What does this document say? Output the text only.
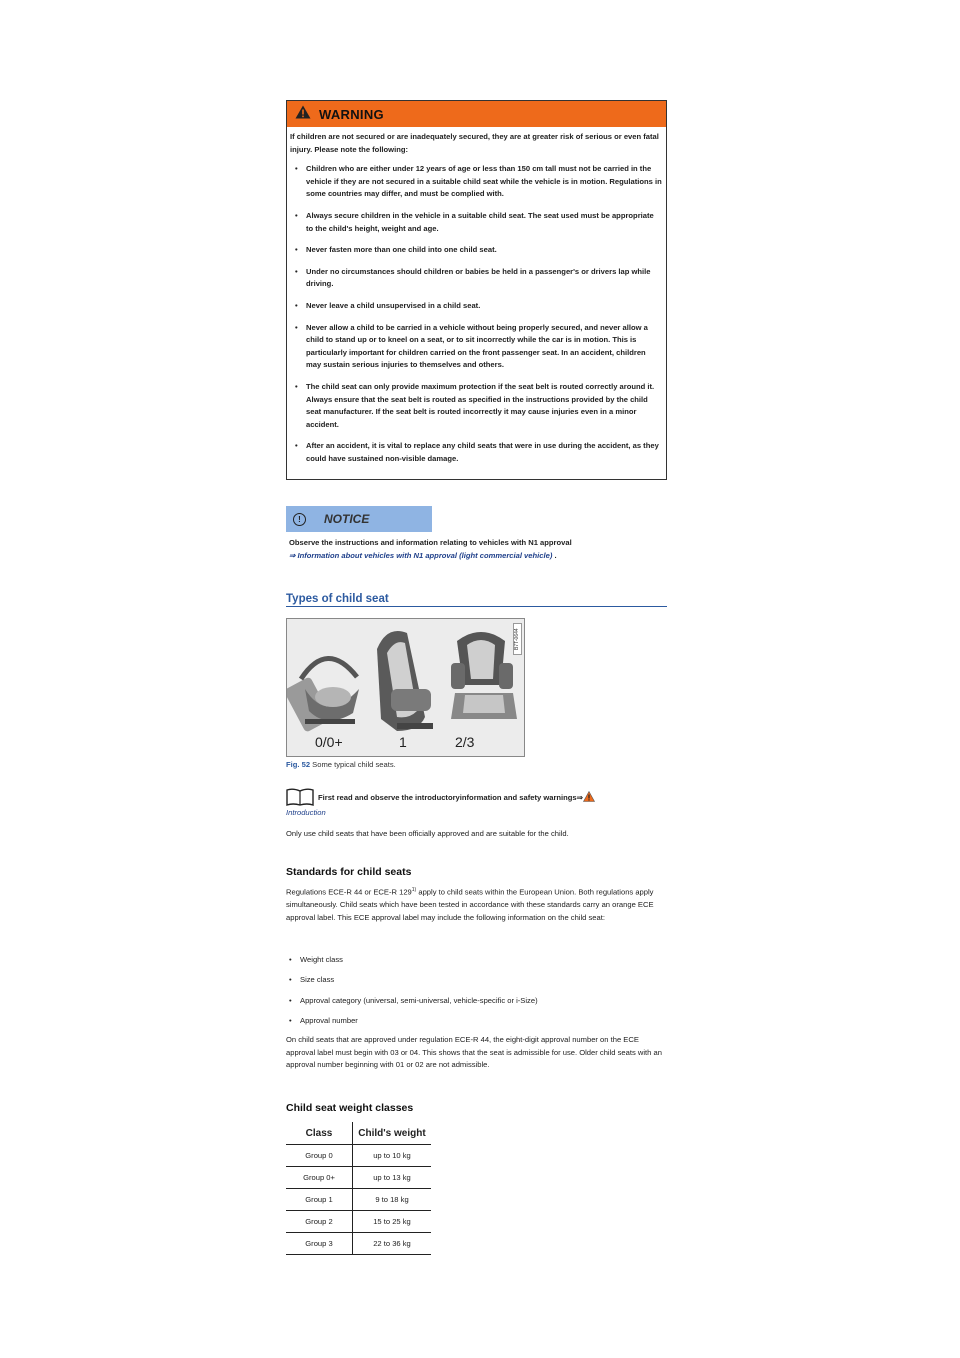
WARNING

If children are not secured or are inadequately secured, they are at greater risk of serious or even fatal injury. Please note the following:

• Children who are either under 12 years of age or less than 150 cm tall must not be carried in the vehicle if they are not secured in a suitable child seat while the vehicle is in motion. Regulations in some countries may differ, and must be complied with.
• Always secure children in the vehicle in a suitable child seat. The seat used must be appropriate to the child's height, weight and age.
• Never fasten more than one child into one child seat.
• Under no circumstances should children or babies be held in a passenger's or drivers lap while driving.
• Never leave a child unsupervised in a child seat.
• Never allow a child to be carried in a vehicle without being properly secured, and never allow a child to stand up or to kneel on a seat, or to sit incorrectly while the car is in motion. This is particularly important for children carried on the front passenger seat. In an accident, children may sustain serious injuries to themselves and others.
• The child seat can only provide maximum protection if the seat belt is routed correctly around it. Always ensure that the seat belt is routed as specified in the instructions provided by the child seat manufacturer. If the seat belt is routed incorrectly it may cause injuries even in a minor accident.
• After an accident, it is vital to replace any child seats that were in use during the accident, as they could have sustained non-visible damage.
!	NOTICE
Observe the instructions and information relating to vehicles with N1 approval
⇒ Information about vehicles with N1 approval (light commercial vehicle) .
Types of child seat
0/0+	1	2/3
B7T-0644
Fig. 52 Some typical child seats.
First read and observe the introductoryinformation and safety warnings⇒
Introduction
Only use child seats that have been officially approved and are suitable for the child.
Standards for child seats
Regulations ECE-R 44 or ECE-R 129$^{1)}$ apply to child seats within the European Union. Both regulations apply simultaneously. Child seats which have been tested in accordance with these standards carry an orange ECE approval label. This ECE approval label may include the following information on the child seat:
• Weight class
• Size class
• Approval category (universal, semi-universal, vehicle-specific or i-Size)
• Approval number
On child seats that are approved under regulation ECE-R 44, the eight-digit approval number on the ECE approval label must begin with 03 or 04. This shows that the seat is admissible for use. Older child seats with an approval number beginning with 01 or 02 are not admissible.
Child seat weight classes
Class	Child's weight
Group 0	up to 10 kg
Group 0+	up to 13 kg
Group 1	9 to 18 kg
Group 2	15 to 25 kg
Group 3	22 to 36 kg
